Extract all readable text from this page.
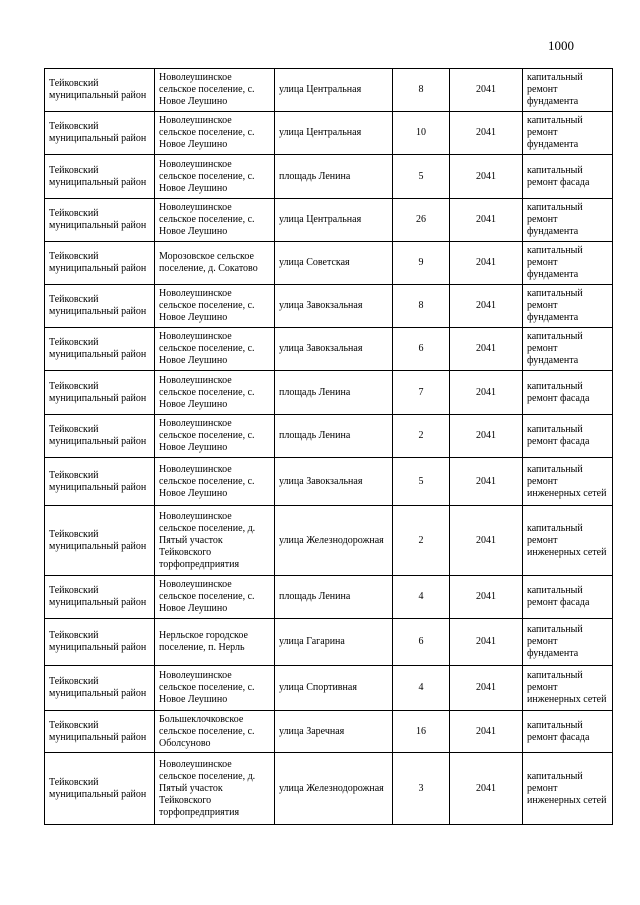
1000
Тейковский муниципальный район	Новолеушинское сельское поселение, с. Новое Леушино	улица Центральная	8	2041	капитальный ремонт фундамента
Тейковский муниципальный район	Новолеушинское сельское поселение, с. Новое Леушино	улица Центральная	10	2041	капитальный ремонт фундамента
Тейковский муниципальный район	Новолеушинское сельское поселение, с. Новое Леушино	площадь Ленина	5	2041	капитальный ремонт фасада
Тейковский муниципальный район	Новолеушинское сельское поселение, с. Новое Леушино	улица Центральная	26	2041	капитальный ремонт фундамента
Тейковский муниципальный район	Морозовское сельское поселение, д. Сокатово	улица Советская	9	2041	капитальный ремонт фундамента
Тейковский муниципальный район	Новолеушинское сельское поселение, с. Новое Леушино	улица Завокзальная	8	2041	капитальный ремонт фундамента
Тейковский муниципальный район	Новолеушинское сельское поселение, с. Новое Леушино	улица Завокзальная	6	2041	капитальный ремонт фундамента
Тейковский муниципальный район	Новолеушинское сельское поселение, с. Новое Леушино	площадь Ленина	7	2041	капитальный ремонт фасада
Тейковский муниципальный район	Новолеушинское сельское поселение, с. Новое Леушино	площадь Ленина	2	2041	капитальный ремонт фасада
Тейковский муниципальный район	Новолеушинское сельское поселение, с. Новое Леушино	улица Завокзальная	5	2041	капитальный ремонт инженерных сетей
Тейковский муниципальный район	Новолеушинское сельское поселение, д. Пятый участок Тейковского торфопредприятия	улица Железнодорожная	2	2041	капитальный ремонт инженерных сетей
Тейковский муниципальный район	Новолеушинское сельское поселение, с. Новое Леушино	площадь Ленина	4	2041	капитальный ремонт фасада
Тейковский муниципальный район	Нерльское городское поселение, п. Нерль	улица Гагарина	6	2041	капитальный ремонт фундамента
Тейковский муниципальный район	Новолеушинское сельское поселение, с. Новое Леушино	улица Спортивная	4	2041	капитальный ремонт инженерных сетей
Тейковский муниципальный район	Большеклочковское сельское поселение, с. Оболсуново	улица Заречная	16	2041	капитальный ремонт фасада
Тейковский муниципальный район	Новолеушинское сельское поселение, д. Пятый участок Тейковского торфопредприятия	улица Железнодорожная	3	2041	капитальный ремонт инженерных сетей
